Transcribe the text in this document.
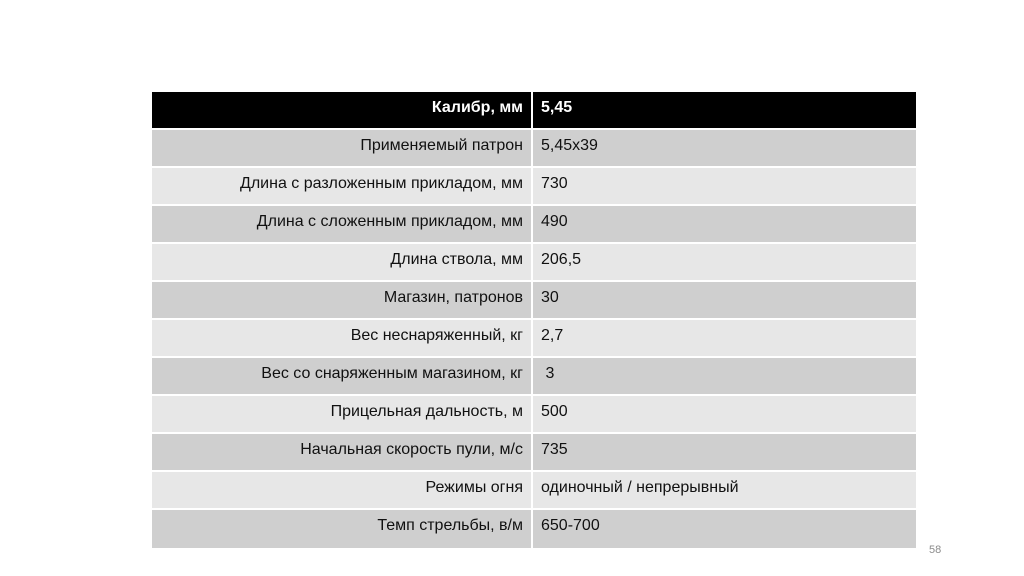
Калибр, мм	5,45
Применяемый патрон	5,45х39
Длина с разложенным прикладом, мм	730
Длина с сложенным прикладом, мм	490
Длина ствола, мм	206,5
Магазин, патронов	30
Вес неснаряженный, кг	2,7
Вес со снаряженным магазином, кг	3
Прицельная дальность, м	500
Начальная скорость пули, м/с	735
Режимы огня	одиночный / непрерывный
Темп стрельбы, в/м	650-700
58
